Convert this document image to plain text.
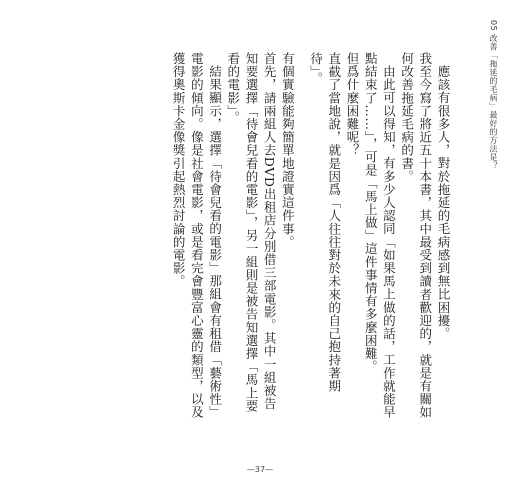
05改善「拖延的毛病」最好的方法是？

應該有很多人，對於拖延的毛病感到無比困擾。

我至今寫了將近五十本書，其中最受到讀者歡迎的，就是有關如何改善拖延毛病的書。

由此可以得知，有多少人認同「如果馬上做的話，工作就能早點結束了……」，可是「馬上做」這件事情有多麼困難。

但爲什麼困難呢？

直截了當地說，就是因爲「人往往對於未來的自己抱持著期待」。

有個實驗能夠簡單地證實這件事。

首先，請兩組人去DVD出租店分別借三部電影。其中一組被告知要選擇「待會兒看的電影」，另一組則是被告知選擇「馬上要看的電影」。

結果顯示，選擇「待會兒看的電影」那組會有租借「藝術性」電影的傾向。像是社會電影，或是看完會豐富心靈的類型，以及獲得奧斯卡金像獎引起熱烈討論的電影。

—37—
